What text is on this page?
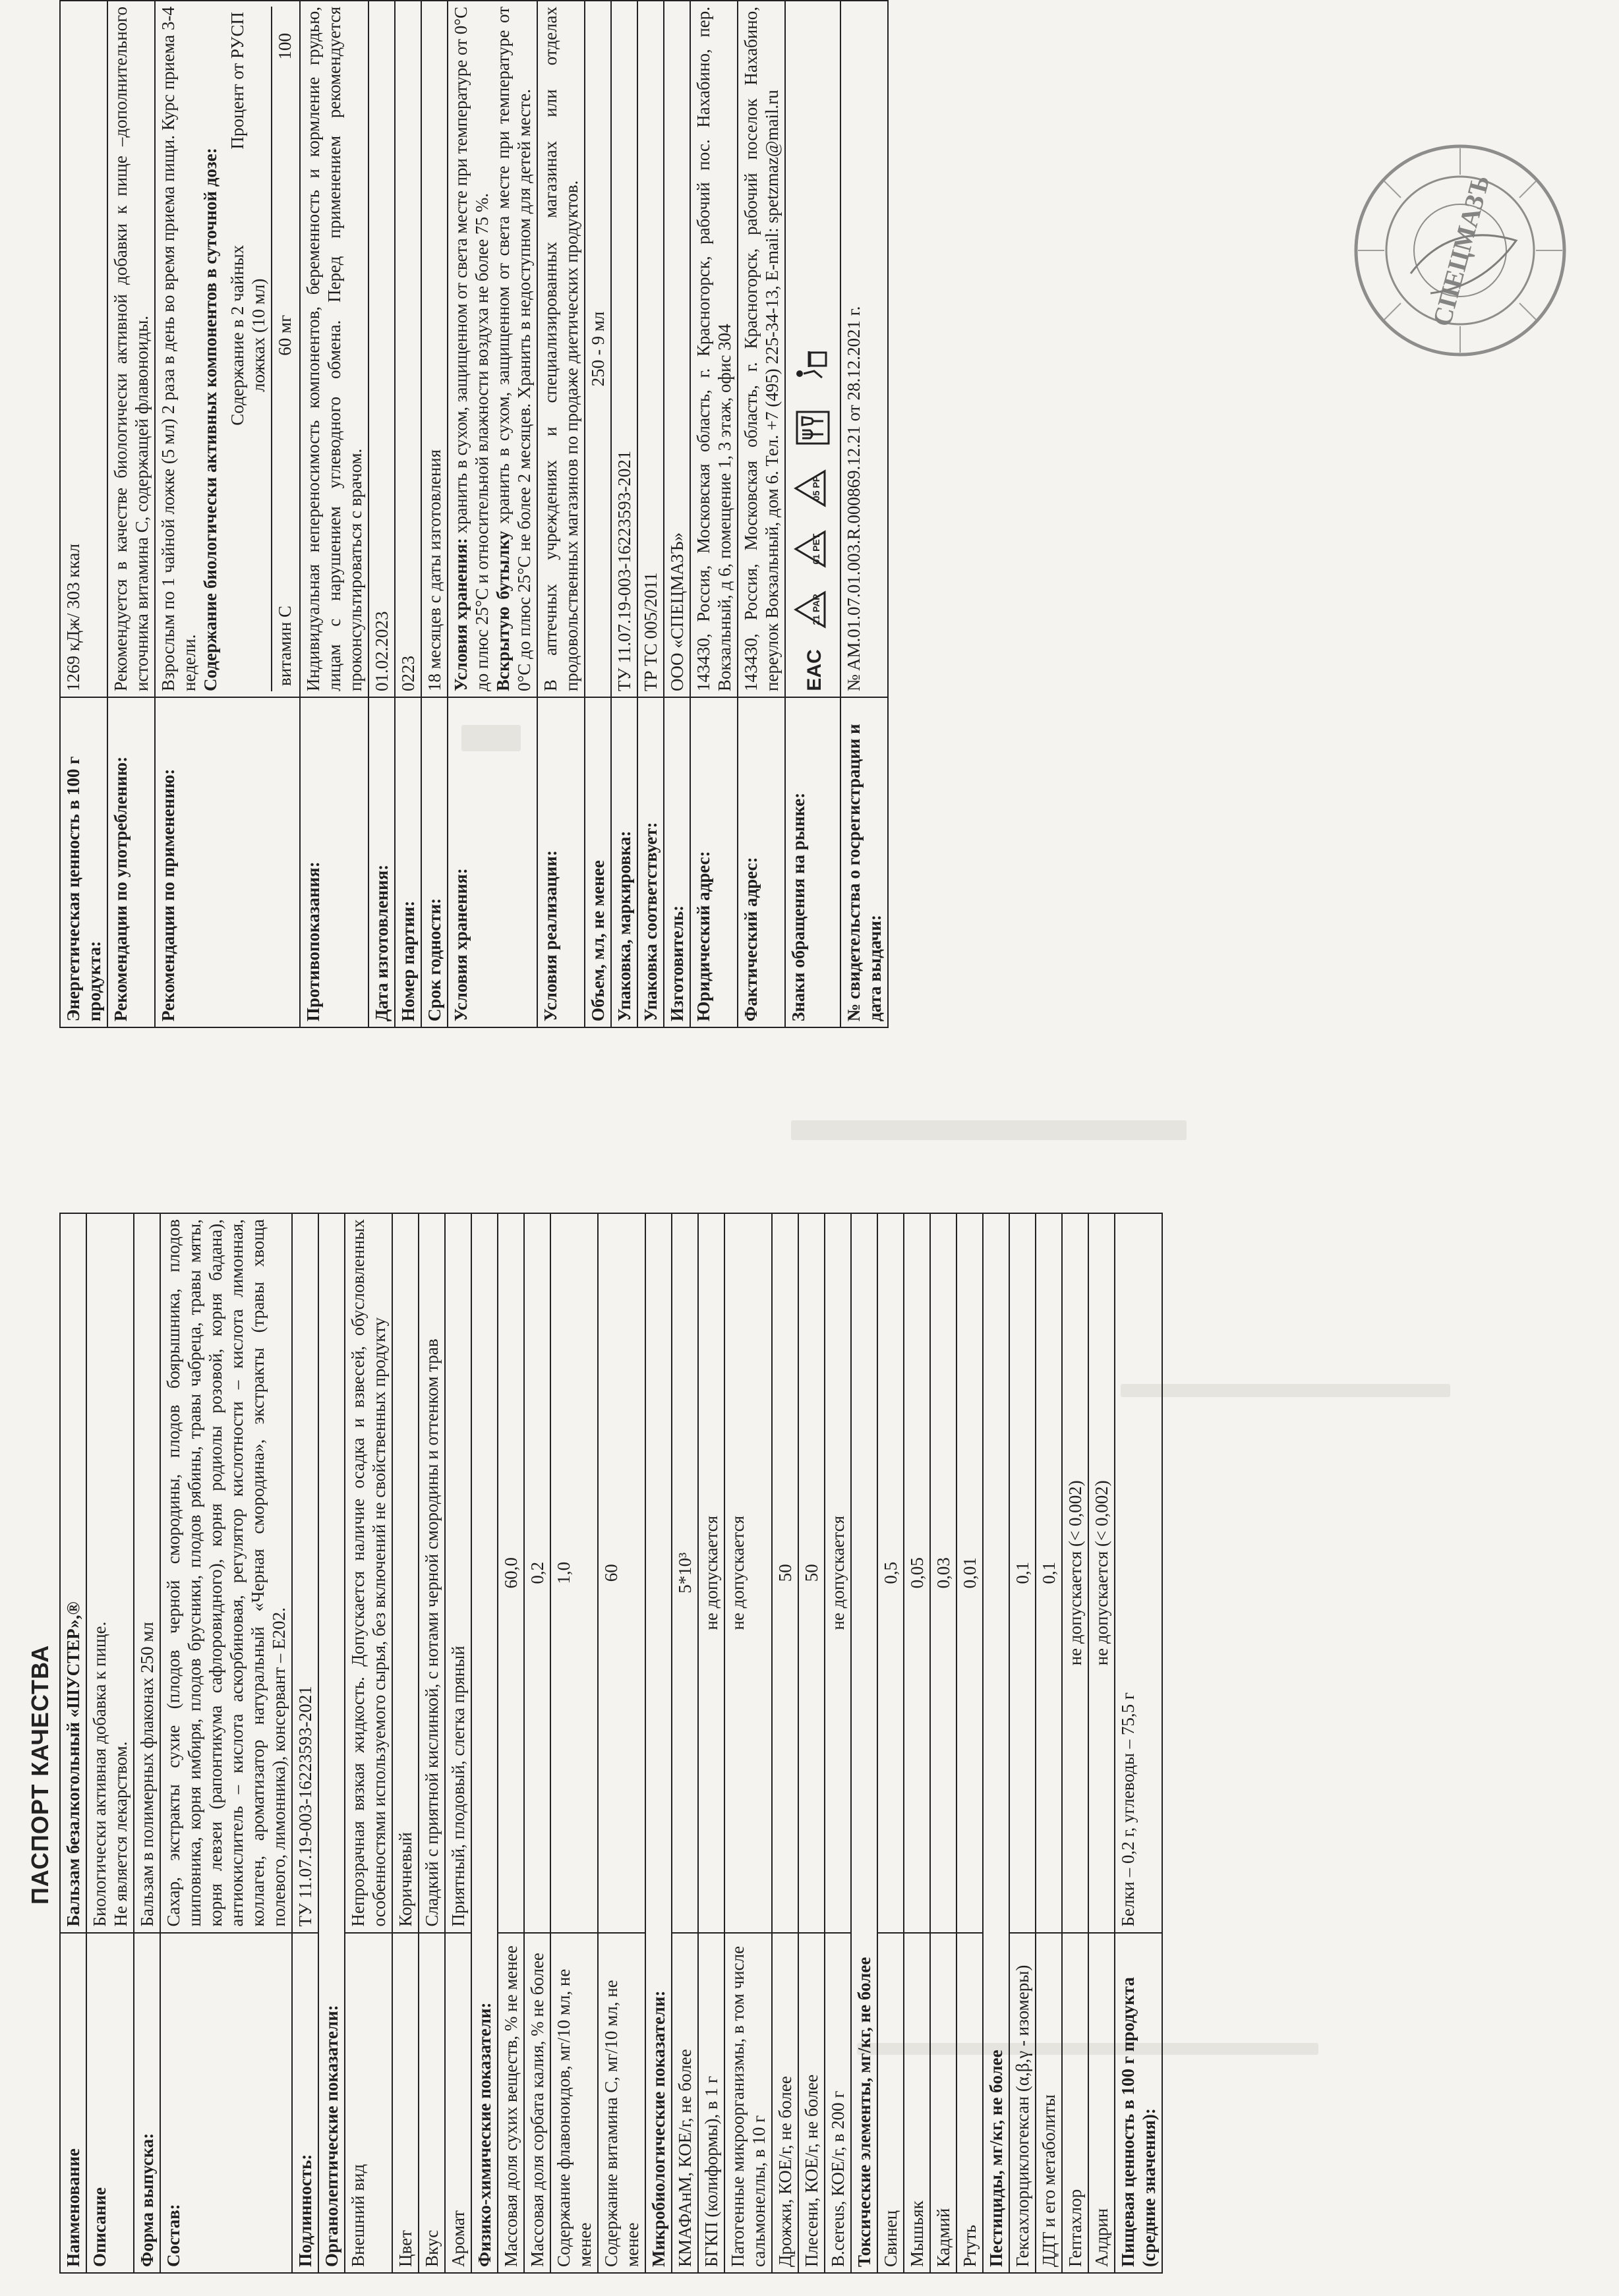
ПАСПОРТ КАЧЕСТВА
Наименование	Бальзам безалкогольный «ШУСТЕР»,®
Описание	Биологически активная добавка к пище.
Не является лекарством.
Форма выпуска:	Бальзам в полимерных флаконах 250 мл
Состав:	Сахар, экстракты сухие (плодов черной смородины, плодов боярышника, плодов шиповника, корня имбиря, плодов брусники, плодов рябины, травы чабреца, травы мяты, корня левзеи (рапонтикума сафлоровидного), корня родиолы розовой, корня бадана), антиокислитель – кислота аскорбиновая, регулятор кислотности – кислота лимонная, коллаген, ароматизатор натуральный «Черная смородина», экстракты (травы хвоща полевого, лимонника), консервант – Е202.
Подлинность:	ТУ 11.07.19-003-16223593-2021
Органолептические показатели:	
Внешний вид	Непрозрачная вязкая жидкость. Допускается наличие осадка и взвесей, обусловленных особенностями используемого сырья, без включений не свойственных продукту
Цвет	Коричневый
Вкус	Сладкий с приятной кислинкой, с нотами черной смородины и оттенком трав
Аромат	Приятный, плодовый, слегка пряный
Физико-химические показатели:	
Массовая доля сухих веществ, % не менее	60,0
Массовая доля сорбата калия, % не более	0,2
Содержание флавоноидов, мг/10 мл, не менее	1,0
Содержание витамина С, мг/10 мл, не менее	60
Микробиологические показатели:	
КМАФАнМ, КОЕ/г, не более	5*10³
БГКП (колиформы), в 1 г	не допускается
Патогенные микроорганизмы, в том числе сальмонеллы, в 10 г	не допускается
Дрожжи, КОЕ/г, не более	50
Плесени, КОЕ/г, не более	50
B.cereus, КОЕ/г, в 200 г	не допускается
Токсические элементы, мг/кг, не более	
Свинец	0,5
Мышьяк	0,05
Кадмий	0,03
Ртуть	0,01
Пестициды, мг/кг, не более	
Гексахлорциклогексан (α,β,γ - изомеры)	0,1
ДДТ и его метаболиты	0,1
Гептахлор	не допускается (< 0,002)
Алдрин	не допускается (< 0,002)
Пищевая ценность в 100 г продукта (средние значения):	Белки – 0,2 г, углеводы – 75,5 г
Энергетическая ценность в 100 г продукта:	1269 кДж/ 303 ккал
Рекомендации по употреблению:	Рекомендуется в качестве биологически активной добавки к пище –дополнительного источника витамина С, содержащей флавоноиды.
Рекомендации по применению:	
Взрослым по 1 чайной ложке (5 мл) 2 раза в день во время приема пищи. Курс приема 3-4 недели. Содержание биологически активных компонентов в суточной дозе:
	Содержание в 2 чайных ложках (10 мл)	Процент от РУСП
витамин С	60 мг	100

Противопоказания:	Индивидуальная непереносимость компонентов, беременность и кормление грудью, лицам с нарушением углеводного обмена. Перед применением рекомендуется проконсультироваться с врачом.
Дата изготовления:	01.02.2023
Номер партии:	0223
Срок годности:	18 месяцев с даты изготовления
Условия хранения:	Условия хранения: хранить в сухом, защищенном от света месте при температуре от 0°С до плюс 25°С и относительной влажности воздуха не более 75 %.
Вскрытую бутылку хранить в сухом, защищенном от света месте при температуре от 0°С до плюс 25°С не более 2 месяцев. Хранить в недоступном для детей месте.
Условия реализации:	В аптечных учреждениях и специализированных магазинах или отделах продовольственных магазинов по продаже диетических продуктов.
Объем, мл, не менее	250 - 9 мл
Упаковка, маркировка:	ТУ 11.07.19-003-16223593-2021
Упаковка соответствует:	ТР ТС 005/2011
Изготовитель:	ООО «СПЕЦМАЗЪ»
Юридический адрес:	143430, Россия, Московская область, г. Красногорск, рабочий пос. Нахабино, пер. Вокзальный, д 6, помещение 1, 3 этаж, офис 304
Фактический адрес:	143430, Россия, Московская область, г. Красногорск, рабочий поселок Нахабино, переулок Вокзальный, дом 6. Тел. +7 (495) 225-34-13, E-mail: spetzmaz@mail.ru
Знаки обращения на рынке:	
EAC
21 PAP
01 PET
05 PP

№ свидетельства о госрегистрации и дата выдачи:	№ AM.01.07.01.003.R.000869.12.21 от 28.12.2021 г.
СПЕЦМАЗЪ
